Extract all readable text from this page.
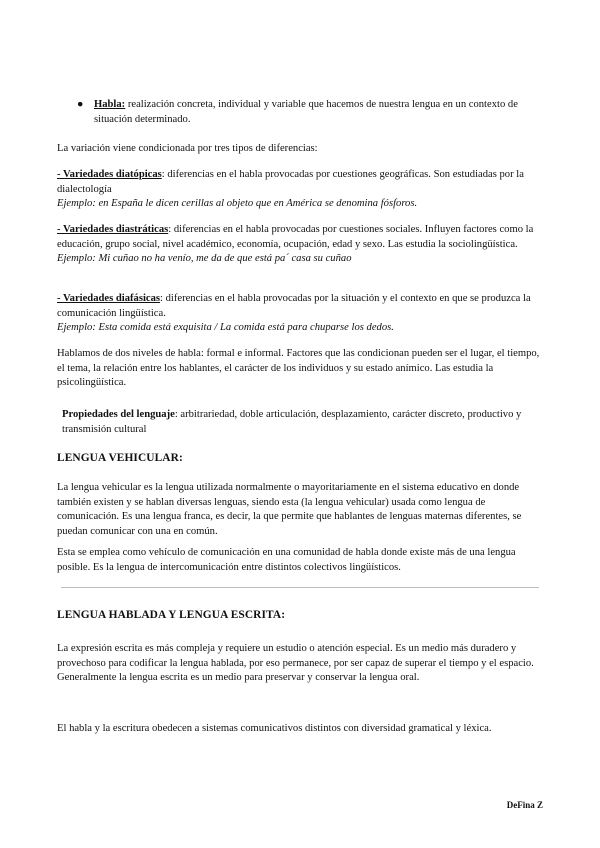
● Habla: realización concreta, individual y variable que hacemos de nuestra lengua en un contexto de situación determinado.
La variación viene condicionada por tres tipos de diferencias:
- Variedades diatópicas: diferencias en el habla provocadas por cuestiones geográficas. Son estudiadas por la dialectología
Ejemplo: en España le dicen cerillas al objeto que en América se denomina fósforos.
- Variedades diastráticas: diferencias en el habla provocadas por cuestiones sociales. Influyen factores como la educación, grupo social, nivel académico, economía, ocupación, edad y sexo. Las estudia la sociolingüística.
Ejemplo: Mi cuñao no ha venío, me da de que está pa´ casa su cuñao
- Variedades diafásicas: diferencias en el habla provocadas por la situación y el contexto en que se produzca la comunicación lingüística.
Ejemplo: Esta comida está exquisita / La comida está para chuparse los dedos.
Hablamos de dos niveles de habla: formal e informal. Factores que las condicionan pueden ser el lugar, el tiempo, el tema, la relación entre los hablantes, el carácter de los individuos y su estado anímico. Las estudia la psicolingüística.
Propiedades del lenguaje: arbitrariedad, doble articulación, desplazamiento, carácter discreto, productivo y transmisión cultural
LENGUA VEHICULAR:
La lengua vehicular es la lengua utilizada normalmente o mayoritariamente en el sistema educativo en donde también existen y se hablan diversas lenguas, siendo esta (la lengua vehicular) usada como lengua de comunicación. Es una lengua franca, es decir, la que permite que hablantes de lenguas maternas diferentes, se puedan comunicar con una en común.
Esta se emplea como vehículo de comunicación en una comunidad de habla donde existe más de una lengua posible. Es la lengua de intercomunicación entre distintos colectivos lingüísticos.
LENGUA HABLADA Y LENGUA ESCRITA:
La expresión escrita es más compleja y requiere un estudio o atención especial. Es un medio más duradero y provechoso para codificar la lengua hablada, por eso permanece, por ser capaz de superar el tiempo y el espacio. Generalmente la lengua escrita es un medio para preservar y conservar la lengua oral.
El habla y la escritura obedecen a sistemas comunicativos distintos con diversidad gramatical y léxica.
DeFina Z
